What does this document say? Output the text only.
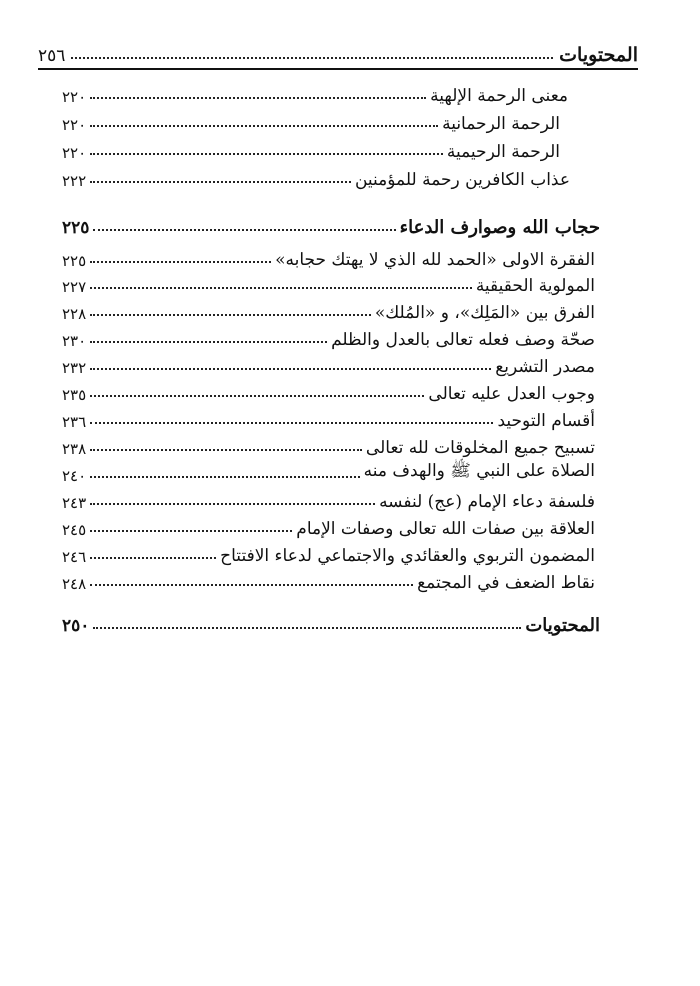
المحتويات
٢٥٦
معنى الرحمة الإلهية
٢٢٠
الرحمة الرحمانية
٢٢٠
الرحمة الرحيمية
٢٢٠
عذاب الكافرين رحمة للمؤمنين
٢٢٢
حجاب الله وصوارف الدعاء
٢٢٥
الفقرة الاولى «الحمد لله الذي لا يهتك حجابه»
٢٢٥
المولوية الحقيقية
٢٢٧
الفرق بين «المَلِك»، و «المُلك»
٢٢٨
صحّة وصف فعله تعالى بالعدل والظلم
٢٣٠
مصدر التشريع
٢٣٢
وجوب العدل عليه تعالى
٢٣٥
أقسام التوحيد
٢٣٦
تسبيح جميع المخلوقات لله تعالى
٢٣٨
الصلاة على النبي ﷺ والهدف منه
٢٤٠
فلسفة دعاء الإمام (عج) لنفسه
٢٤٣
العلاقة بين صفات الله تعالى وصفات الإمام
٢٤٥
المضمون التربوي والعقائدي والاجتماعي لدعاء الافتتاح
٢٤٦
نقاط الضعف في المجتمع
٢٤٨
المحتويات
٢٥٠
